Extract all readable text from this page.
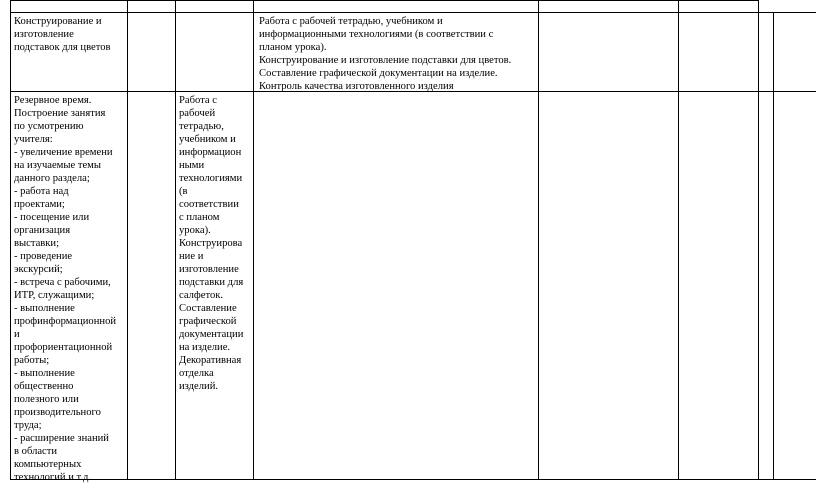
Конструирование и
изготовление
подставок для цветов
Работа с рабочей тетрадью, учебником и
информационными технологиями (в соответствии с
планом урока).
Конструирование и изготовление подставки для цветов.
Составление графической документации на изделие.
Контроль качества изготовленного изделия
Резервное время.
Построение занятия
по усмотрению
учителя:
- увеличение времени
на изучаемые темы
данного раздела;
- работа над
проектами;
- посещение или
организация
выставки;
- проведение
экскурсий;
- встреча с рабочими,
ИТР, служащими;
- выполнение
профинформационной
и
профориентационной
работы;
- выполнение
общественно
полезного или
производительного
труда;
- расширение знаний
в области
компьютерных
технологий и т.д.
Работа с
рабочей
тетрадью,
учебником и
информацион
ными
технологиями
(в
соответствии
с планом
урока).
Конструирова
ние и
изготовление
подставки для
салфеток.
Составление
графической
документации
на изделие.
Декоративная
отделка
изделий.
